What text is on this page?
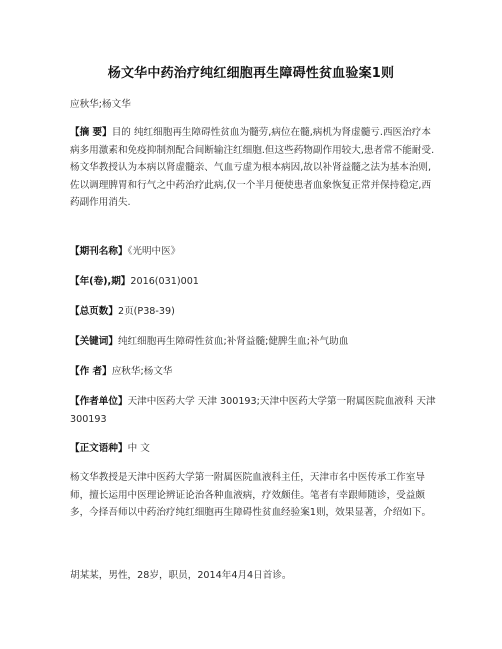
杨文华中药治疗纯红细胞再生障碍性贫血验案1则
应秋华;杨文华
【摘 要】目的 纯红细胞再生障碍性贫血为髓劳,病位在髓,病机为肾虚髓亏.西医治疗本病多用激素和免疫抑制剂配合间断输注红细胞.但这些药物副作用较大,患者常不能耐受.杨文华教授认为本病以肾虚髓亲、气血亏虚为根本病因,故以补肾益髓之法为基本治则,佐以调理脾胃和行气之中药治疗此病,仅一个半月便使患者血象恢复正常并保持稳定,西药副作用消失.
【期刊名称】《光明中医》
【年(卷),期】2016(031)001
【总页数】2页(P38-39)
【关键词】纯红细胞再生障碍性贫血;补肾益髓;健脾生血;补气助血
【作 者】应秋华;杨文华
【作者单位】天津中医药大学 天津 300193;天津中医药大学第一附属医院血液科 天津 300193
【正文语种】中 文
杨文华教授是天津中医药大学第一附属医院血液科主任，天津市名中医传承工作室导师，擅长运用中医理论辨证论治各种血液病，疗效颇佳。笔者有幸跟师随诊，受益颇多，今择吾师以中药治疗纯红细胞再生障碍性贫血经验案1则，效果显著，介绍如下。
胡某某，男性，28岁，职员，2014年4月4日首诊。
